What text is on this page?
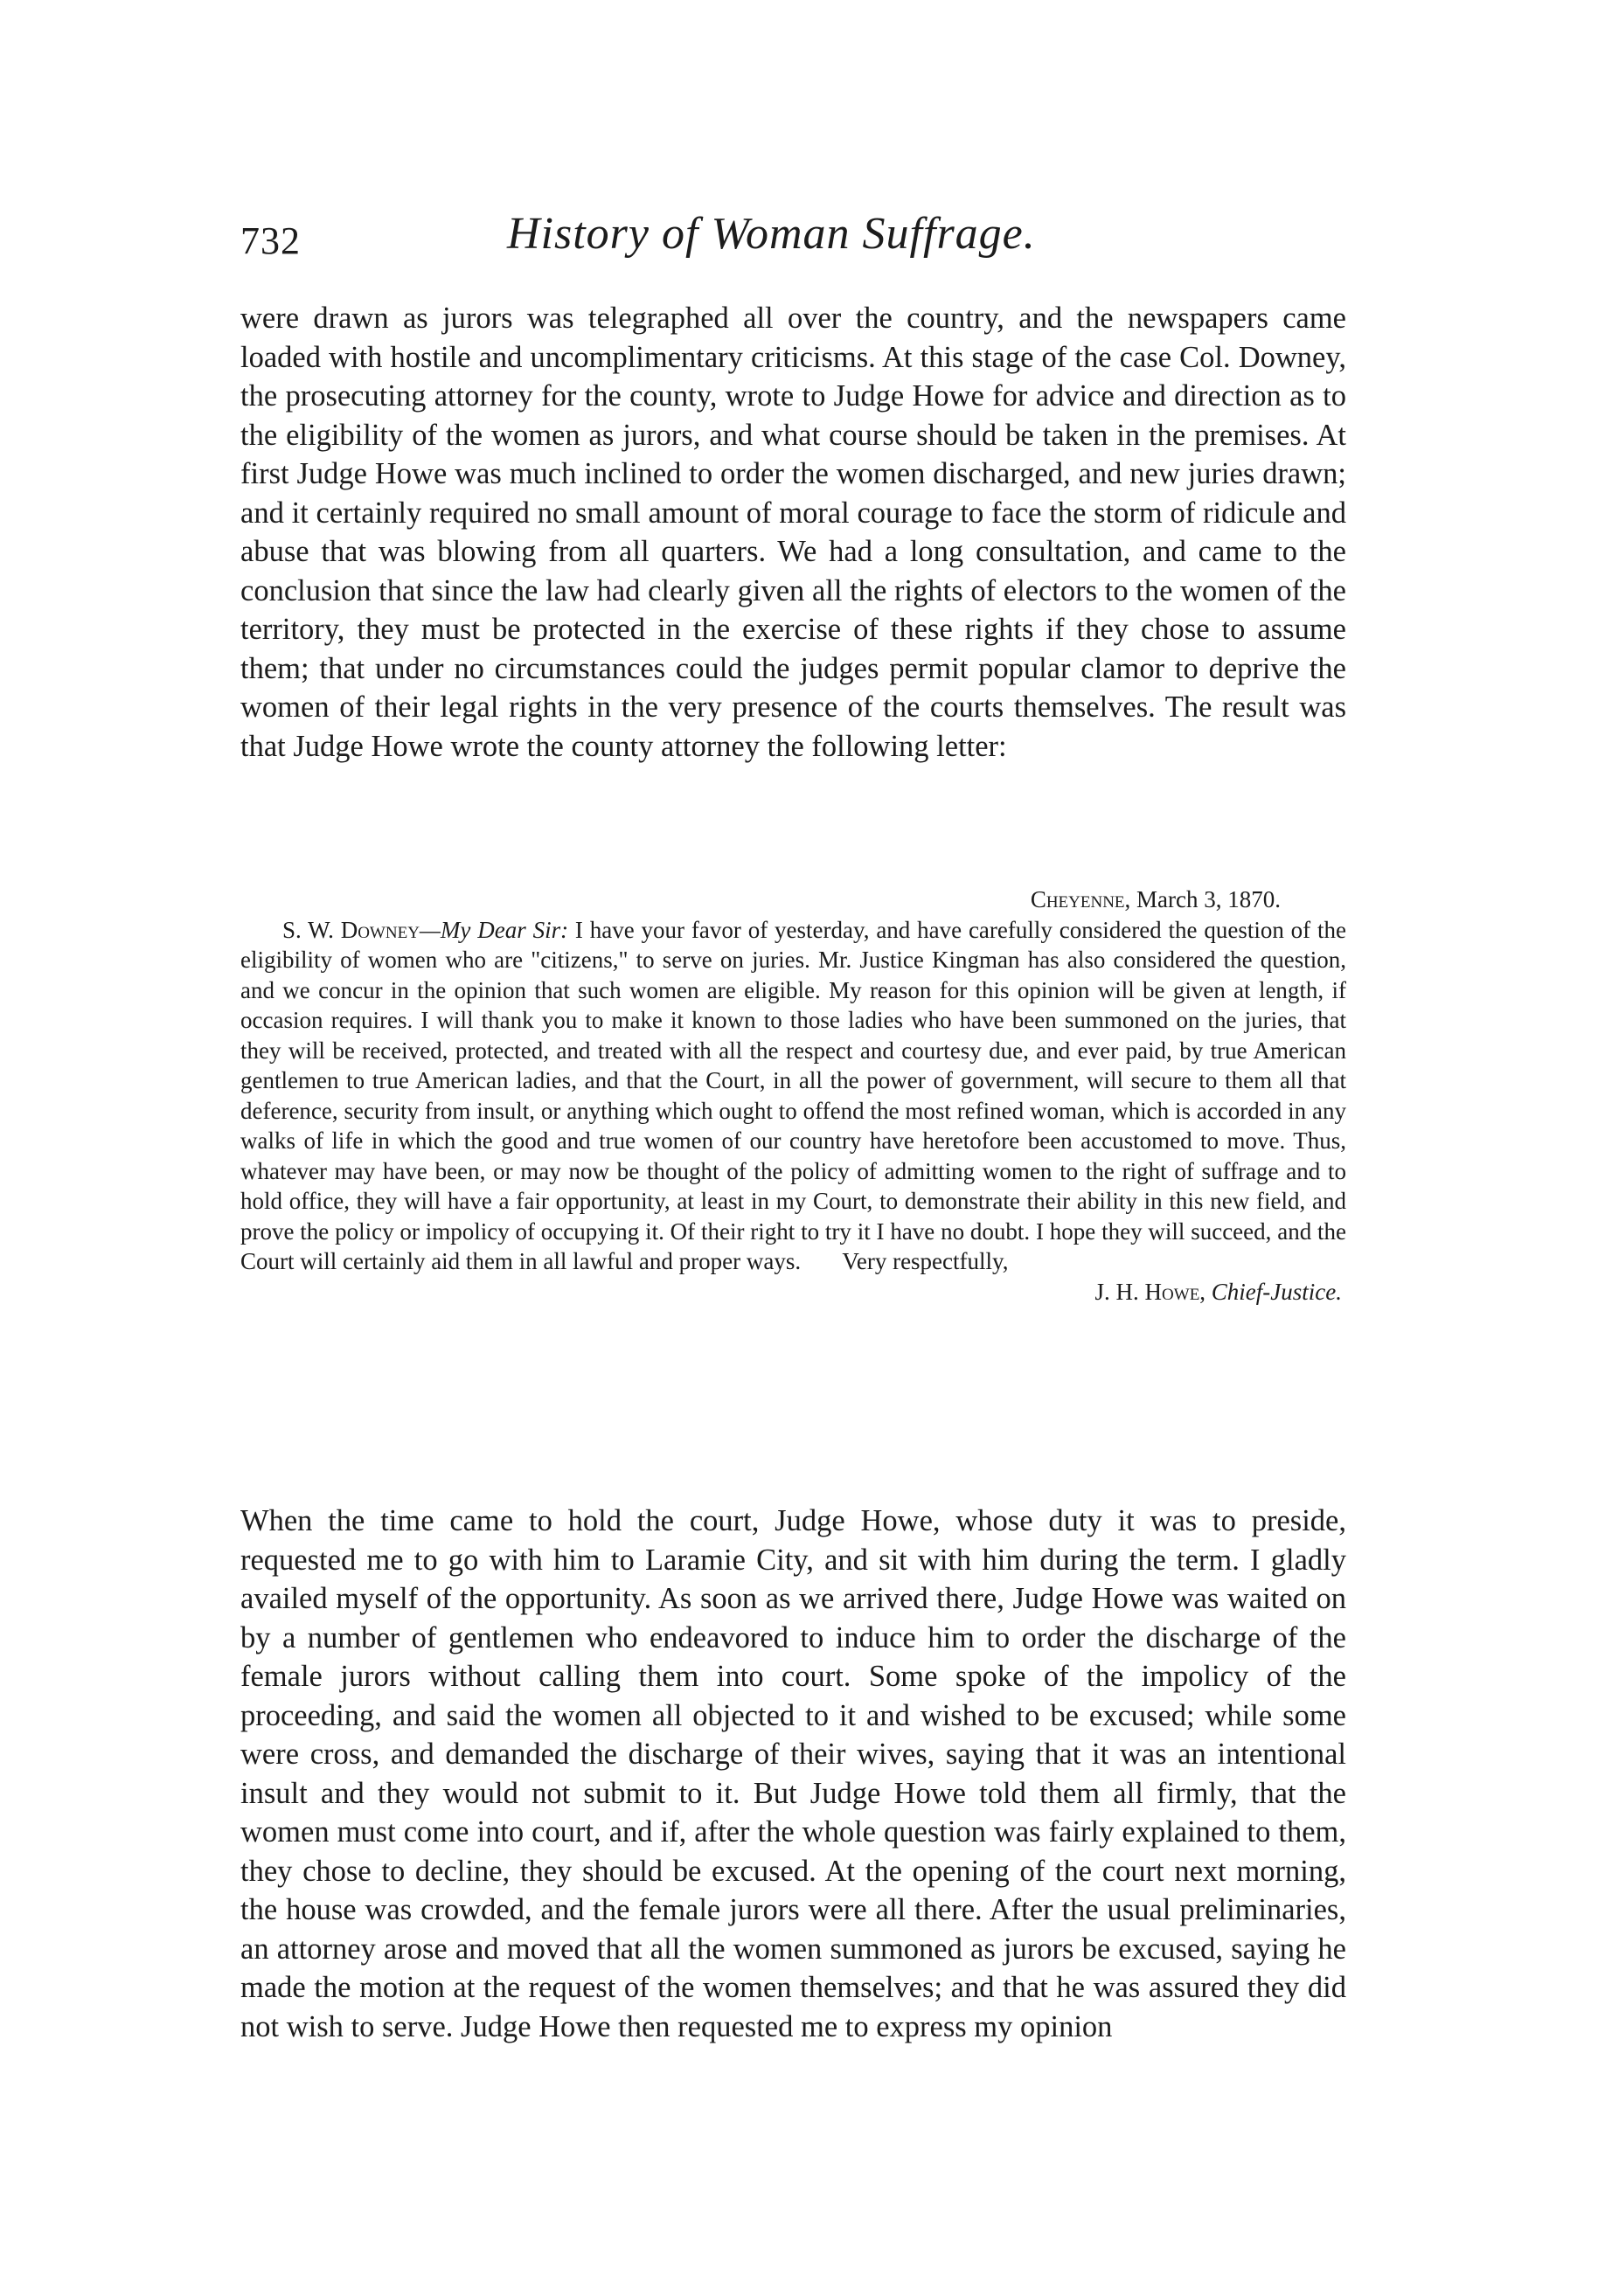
732	History of Woman Suffrage.

were drawn as jurors was telegraphed all over the country, and the newspapers came loaded with hostile and uncomplimentary criticisms. At this stage of the case Col. Downey, the prosecuting attorney for the county, wrote to Judge Howe for advice and direction as to the eligibility of the women as jurors, and what course should be taken in the premises. At first Judge Howe was much inclined to order the women discharged, and new juries drawn; and it certainly required no small amount of moral courage to face the storm of ridicule and abuse that was blowing from all quarters. We had a long consultation, and came to the conclusion that since the law had clearly given all the rights of electors to the women of the territory, they must be protected in the exercise of these rights if they chose to assume them; that under no circumstances could the judges permit popular clamor to deprive the women of their legal rights in the very presence of the courts themselves. The result was that Judge Howe wrote the county attorney the following letter:

Cheyenne, March 3, 1870.

S. W. Downey—My Dear Sir: I have your favor of yesterday, and have carefully considered the question of the eligibility of women who are "citizens," to serve on juries. Mr. Justice Kingman has also considered the question, and we concur in the opinion that such women are eligible. My reason for this opinion will be given at length, if occasion requires. I will thank you to make it known to those ladies who have been summoned on the juries, that they will be received, protected, and treated with all the respect and courtesy due, and ever paid, by true American gentlemen to true American ladies, and that the Court, in all the power of government, will secure to them all that deference, security from insult, or anything which ought to offend the most refined woman, which is accorded in any walks of life in which the good and true women of our country have heretofore been accustomed to move. Thus, whatever may have been, or may now be thought of the policy of admitting women to the right of suffrage and to hold office, they will have a fair opportunity, at least in my Court, to demonstrate their ability in this new field, and prove the policy or impolicy of occupying it. Of their right to try it I have no doubt. I hope they will succeed, and the Court will certainly aid them in all lawful and proper ways. Very respectfully,

J. H. Howe, Chief-Justice.

When the time came to hold the court, Judge Howe, whose duty it was to preside, requested me to go with him to Laramie City, and sit with him during the term. I gladly availed myself of the opportunity. As soon as we arrived there, Judge Howe was waited on by a number of gentlemen who endeavored to induce him to order the discharge of the female jurors without calling them into court. Some spoke of the impolicy of the proceeding, and said the women all objected to it and wished to be excused; while some were cross, and demanded the discharge of their wives, saying that it was an intentional insult and they would not submit to it. But Judge Howe told them all firmly, that the women must come into court, and if, after the whole question was fairly explained to them, they chose to decline, they should be excused. At the opening of the court next morning, the house was crowded, and the female jurors were all there. After the usual preliminaries, an attorney arose and moved that all the women summoned as jurors be excused, saying he made the motion at the request of the women themselves; and that he was assured they did not wish to serve. Judge Howe then requested me to express my opinion
